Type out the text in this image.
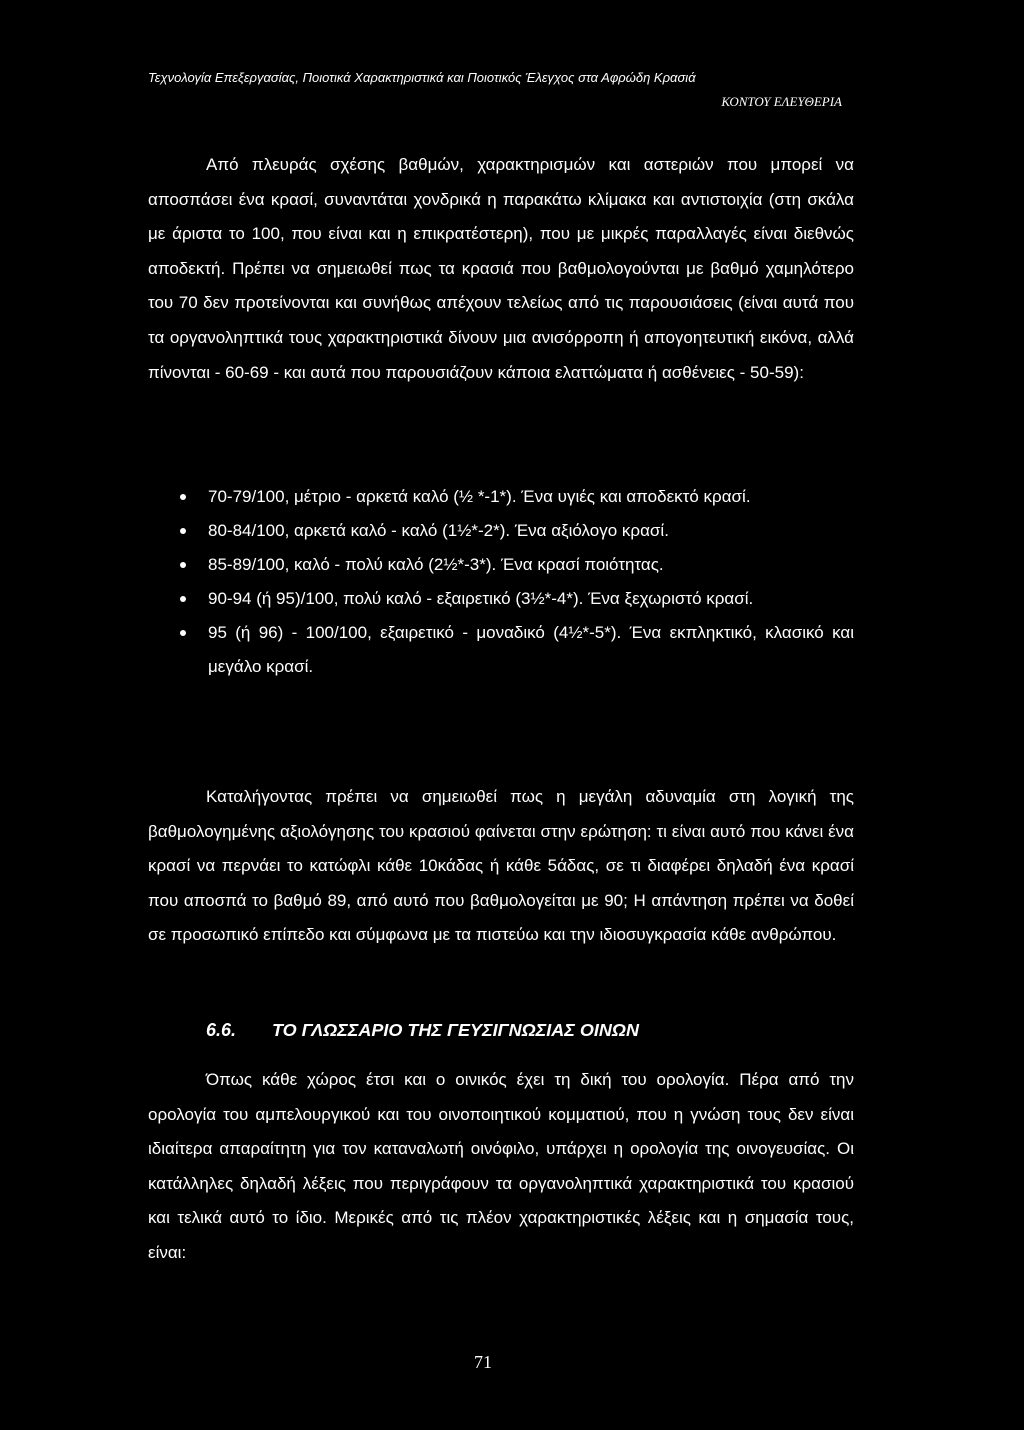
Τεχνολογία Επεξεργασίας, Ποιοτικά Χαρακτηριστικά και Ποιοτικός Έλεγχος στα Αφρώδη Κρασιά
ΚΟΝΤΟΥ ΕΛΕΥΘΕΡΙΑ

Από πλευράς σχέσης βαθμών, χαρακτηρισμών και αστεριών που μπορεί να αποσπάσει ένα κρασί, συναντάται χονδρικά η παρακάτω κλίμακα και αντιστοιχία (στη σκάλα με άριστα το 100, που είναι και η επικρατέστερη), που με μικρές παραλλαγές είναι διεθνώς αποδεκτή. Πρέπει να σημειωθεί πως τα κρασιά που βαθμολογούνται με βαθμό χαμηλότερο του 70 δεν προτείνονται και συνήθως απέχουν τελείως από τις παρουσιάσεις (είναι αυτά που τα οργανοληπτικά τους χαρακτηριστικά δίνουν μια ανισόρροπη ή απογοητευτική εικόνα, αλλά πίνονται - 60-69 - και αυτά που παρουσιάζουν κάποια ελαττώματα ή ασθένειες - 50-59):

70-79/100, μέτριο - αρκετά καλό (½ *-1*). Ένα υγιές και αποδεκτό κρασί.
80-84/100, αρκετά καλό - καλό (1½*-2*). Ένα αξιόλογο κρασί.
85-89/100, καλό - πολύ καλό (2½*-3*). Ένα κρασί ποιότητας.
90-94 (ή 95)/100, πολύ καλό - εξαιρετικό (3½*-4*). Ένα ξεχωριστό κρασί.
95 (ή 96) - 100/100, εξαιρετικό - μοναδικό (4½*-5*). Ένα εκπληκτικό, κλασικό και μεγάλο κρασί.

Καταλήγοντας πρέπει να σημειωθεί πως η μεγάλη αδυναμία στη λογική της βαθμολογημένης αξιολόγησης του κρασιού φαίνεται στην ερώτηση: τι είναι αυτό που κάνει ένα κρασί να περνάει το κατώφλι κάθε 10κάδας ή κάθε 5άδας, σε τι διαφέρει δηλαδή ένα κρασί που αποσπά το βαθμό 89, από αυτό που βαθμολογείται με 90; Η απάντηση πρέπει να δοθεί σε προσωπικό επίπεδο και σύμφωνα με τα πιστεύω και την ιδιοσυγκρασία κάθε ανθρώπου.

6.6. ΤΟ ΓΛΩΣΣΑΡΙΟ ΤΗΣ ΓΕΥΣΙΓΝΩΣΙΑΣ ΟΙΝΩΝ

Όπως κάθε χώρος έτσι και ο οινικός έχει τη δική του ορολογία. Πέρα από την ορολογία του αμπελουργικού και του οινοποιητικού κομματιού, που η γνώση τους δεν είναι ιδιαίτερα απαραίτητη για τον καταναλωτή οινόφιλο, υπάρχει η ορολογία της οινογευσίας. Οι κατάλληλες δηλαδή λέξεις που περιγράφουν τα οργανοληπτικά χαρακτηριστικά του κρασιού και τελικά αυτό το ίδιο. Μερικές από τις πλέον χαρακτηριστικές λέξεις και η σημασία τους, είναι:

71
